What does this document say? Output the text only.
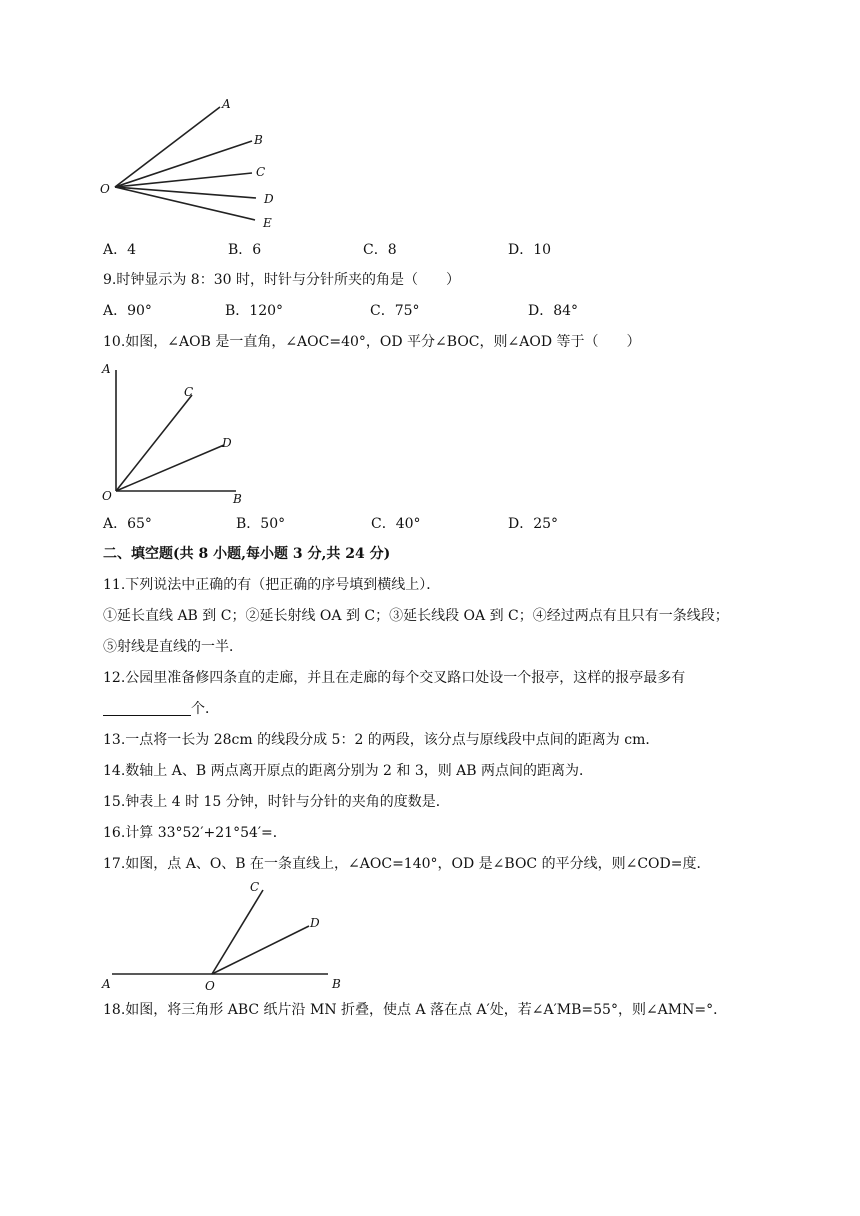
O
A
B
C
D
E
A．4	B．6	C．8	D．10
9.时钟显示为 8：30 时，时针与分针所夹的角是（　　）
A．90°	B．120°	C．75°	D．84°
10.如图，∠AOB 是一直角，∠AOC=40°，OD 平分∠BOC，则∠AOD 等于（　　）
A
C
D
O	B
A．65°	B．50°	C．40°	D．25°
二、填空题(共 8 小题,每小题 3 分,共 24 分)
11.下列说法中正确的有（把正确的序号填到横线上）．
①延长直线 AB 到 C；②延长射线 OA 到 C；③延长线段 OA 到 C；④经过两点有且只有一条线段；
⑤射线是直线的一半．
12.公园里准备修四条直的走廊，并且在走廊的每个交叉路口处设一个报亭，这样的报亭最多有
个．
13.一点将一长为 28cm 的线段分成 5：2 的两段，该分点与原线段中点间的距离为 cm．
14.数轴上 A、B 两点离开原点的距离分别为 2 和 3，则 AB 两点间的距离为．
15.钟表上 4 时 15 分钟，时针与分针的夹角的度数是．
16.计算 33°52′+21°54′=．
17.如图，点 A、O、B 在一条直线上，∠AOC=140°，OD 是∠BOC 的平分线，则∠COD=度．
C
D
A	O	B
18.如图，将三角形 ABC 纸片沿 MN 折叠，使点 A 落在点 A′处，若∠A′MB=55°，则∠AMN=°．
